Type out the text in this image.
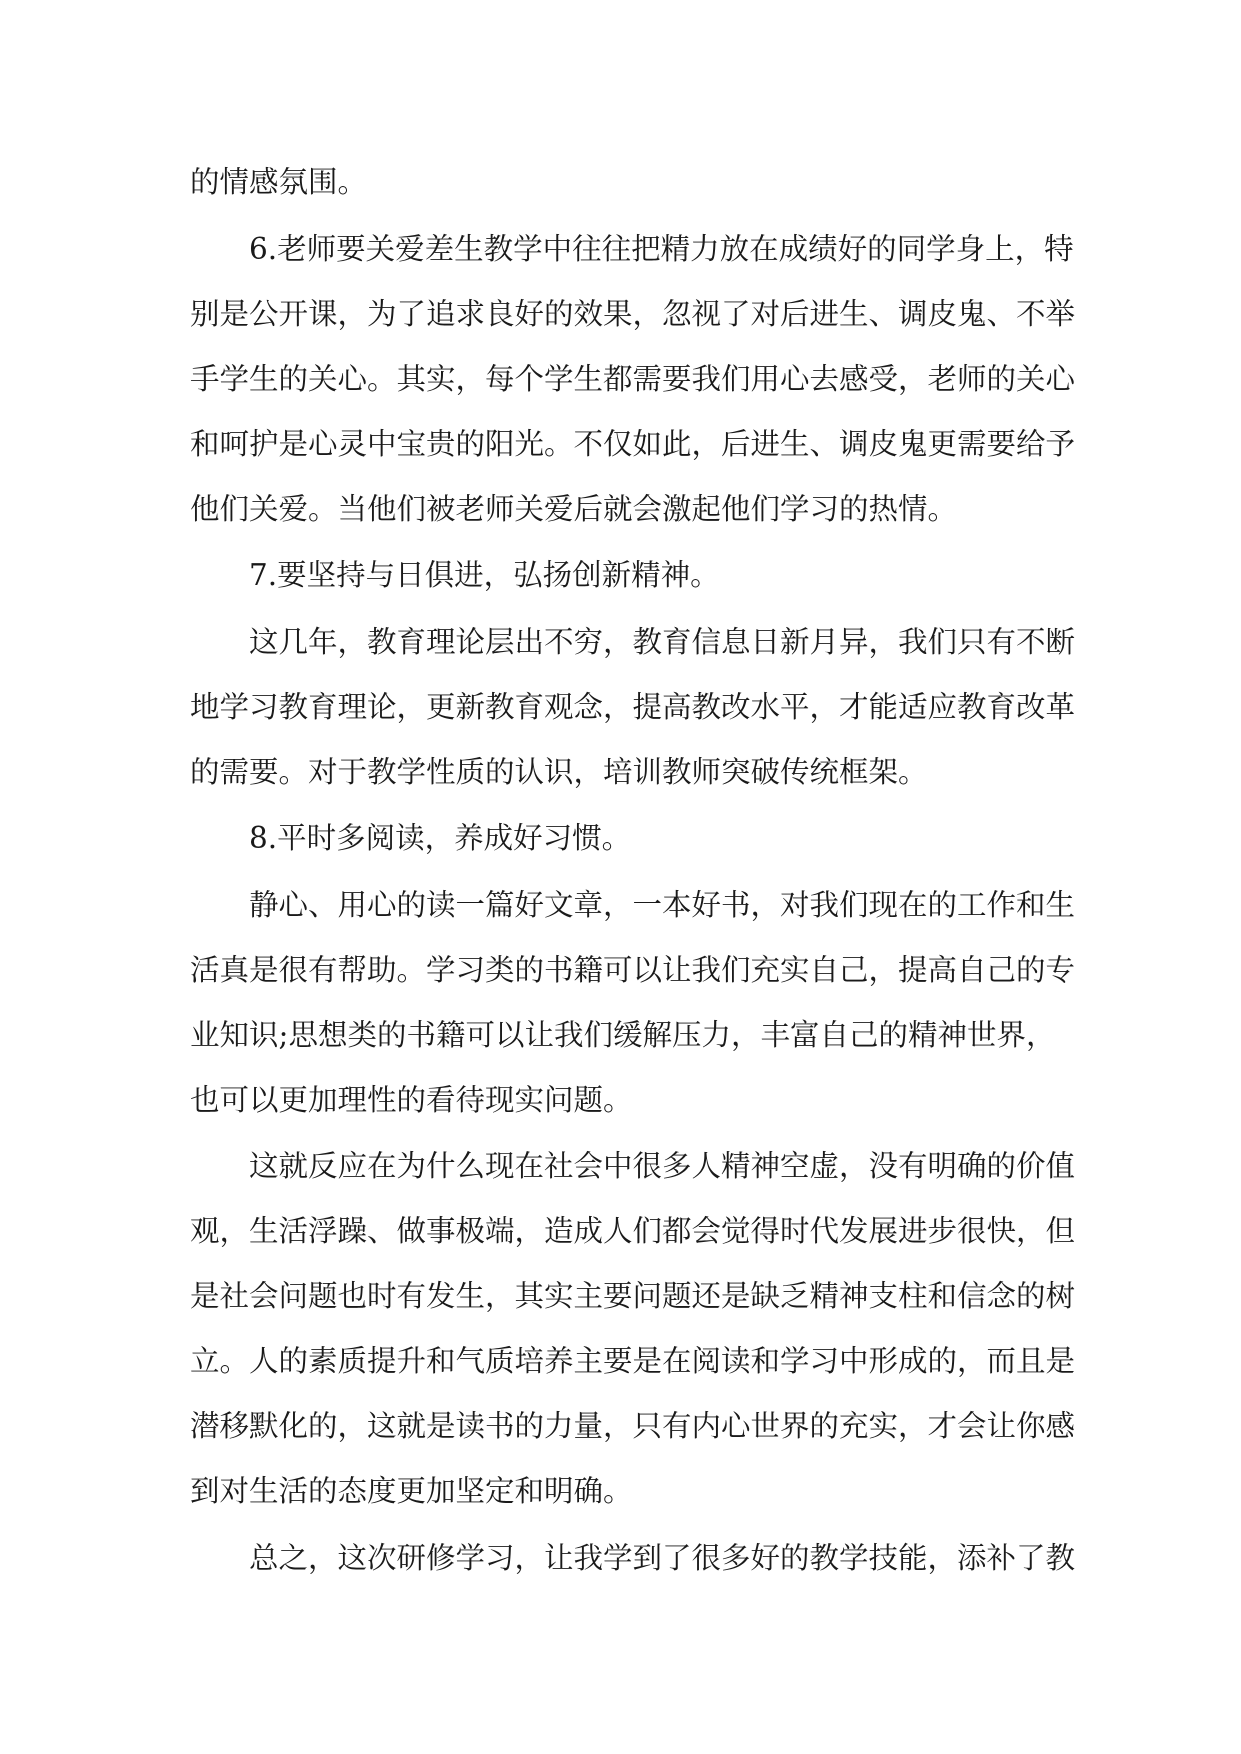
的情感氛围。

6.老师要关爱差生教学中往往把精力放在成绩好的同学身上，特

别是公开课，为了追求良好的效果，忽视了对后进生、调皮鬼、不举

手学生的关心。其实，每个学生都需要我们用心去感受，老师的关心

和呵护是心灵中宝贵的阳光。不仅如此，后进生、调皮鬼更需要给予

他们关爱。当他们被老师关爱后就会激起他们学习的热情。

7.要坚持与日俱进，弘扬创新精神。

这几年，教育理论层出不穷，教育信息日新月异，我们只有不断

地学习教育理论，更新教育观念，提高教改水平，才能适应教育改革

的需要。对于教学性质的认识，培训教师突破传统框架。

8.平时多阅读，养成好习惯。

静心、用心的读一篇好文章，一本好书，对我们现在的工作和生

活真是很有帮助。学习类的书籍可以让我们充实自己，提高自己的专

业知识;思想类的书籍可以让我们缓解压力，丰富自己的精神世界，

也可以更加理性的看待现实问题。

这就反应在为什么现在社会中很多人精神空虚，没有明确的价值

观，生活浮躁、做事极端，造成人们都会觉得时代发展进步很快，但

是社会问题也时有发生，其实主要问题还是缺乏精神支柱和信念的树

立。人的素质提升和气质培养主要是在阅读和学习中形成的，而且是

潜移默化的，这就是读书的力量，只有内心世界的充实，才会让你感

到对生活的态度更加坚定和明确。

总之，这次研修学习，让我学到了很多好的教学技能，添补了教
